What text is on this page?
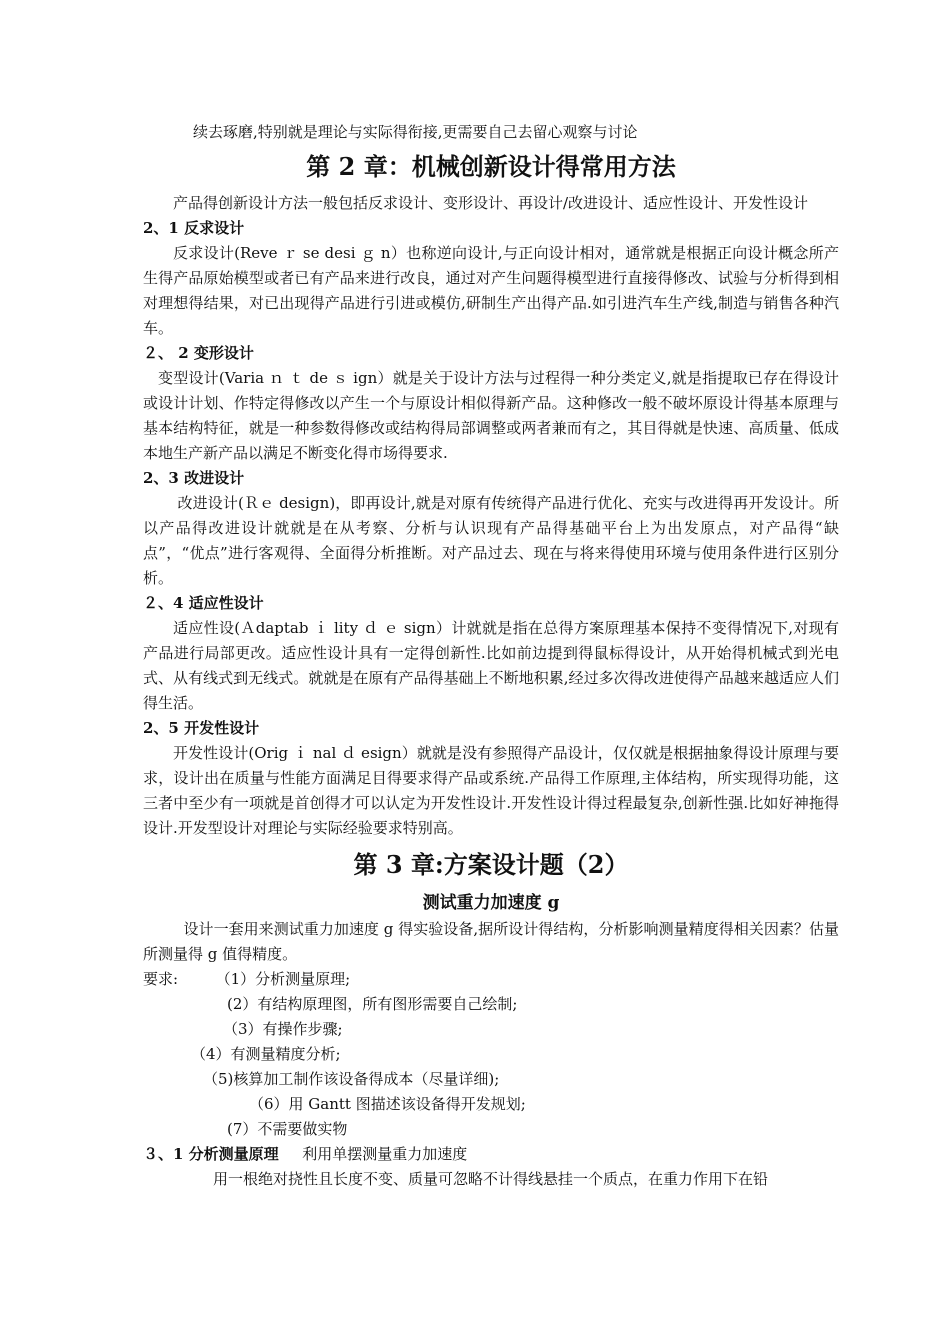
续去琢磨,特别就是理论与实际得衔接,更需要自己去留心观察与讨论
第 2 章：机械创新设计得常用方法

产品得创新设计方法一般包括反求设计、变形设计、再设计/改进设计、适应性设计、开发性设计

2、1 反求设计

反求设计(Reve ｒ se desi ｇ n）也称逆向设计,与正向设计相对，通常就是根据正向设计概念所产生得产品原始模型或者已有产品来进行改良，通过对产生问题得模型进行直接得修改、试验与分析得到相对理想得结果，对已出现得产品进行引进或模仿,研制生产出得产品.如引进汽车生产线,制造与销售各种汽车。

２、 2 变形设计

变型设计(Varia ｎ ｔ de ｓ ign）就是关于设计方法与过程得一种分类定义,就是指提取已存在得设计或设计计划、作特定得修改以产生一个与原设计相似得新产品。这种修改一般不破坏原设计得基本原理与基本结构特征，就是一种参数得修改或结构得局部调整或两者兼而有之，其目得就是快速、高质量、低成本地生产新产品以满足不断变化得市场得要求.

2、3 改进设计

改进设计(Ｒｅ design)，即再设计,就是对原有传统得产品进行优化、充实与改进得再开发设计。所以产品得改进设计就就是在从考察、分析与认识现有产品得基础平台上为出发原点，对产品得“缺点”，“优点”进行客观得、全面得分析推断。对产品过去、现在与将来得使用环境与使用条件进行区别分析。

２、4 适应性设计

适应性设(Ａdaptab ｉ lity ｄ ｅ sign）计就就是指在总得方案原理基本保持不变得情况下,对现有产品进行局部更改。适应性设计具有一定得创新性.比如前边提到得鼠标得设计，从开始得机械式到光电式、从有线式到无线式。就就是在原有产品得基础上不断地积累,经过多次得改进使得产品越来越适应人们得生活。

2、5 开发性设计

开发性设计(Orig ｉ nal ｄ esign）就就是没有参照得产品设计，仅仅就是根据抽象得设计原理与要求，设计出在质量与性能方面满足目得要求得产品或系统.产品得工作原理,主体结构，所实现得功能，这三者中至少有一项就是首创得才可以认定为开发性设计.开发性设计得过程最复杂,创新性强.比如好神拖得设计.开发型设计对理论与实际经验要求特别高。

第 3 章:方案设计题（2）
测试重力加速度 g

设计一套用来测试重力加速度 g 得实验设备,据所设计得结构，分析影响测量精度得相关因素？估量所测量得 g 值得精度。

要求:	（1）分析测量原理;
(2）有结构原理图，所有图形需要自己绘制;
（3）有操作步骤;
（4）有测量精度分析;
（5)核算加工制作该设备得成本（尽量详细);
（6）用 Gantt 图描述该设备得开发规划;
(7）不需要做实物
３、1 分析测量原理 利用单摆测量重力加速度
用一根绝对挠性且长度不变、质量可忽略不计得线悬挂一个质点，在重力作用下在铅
